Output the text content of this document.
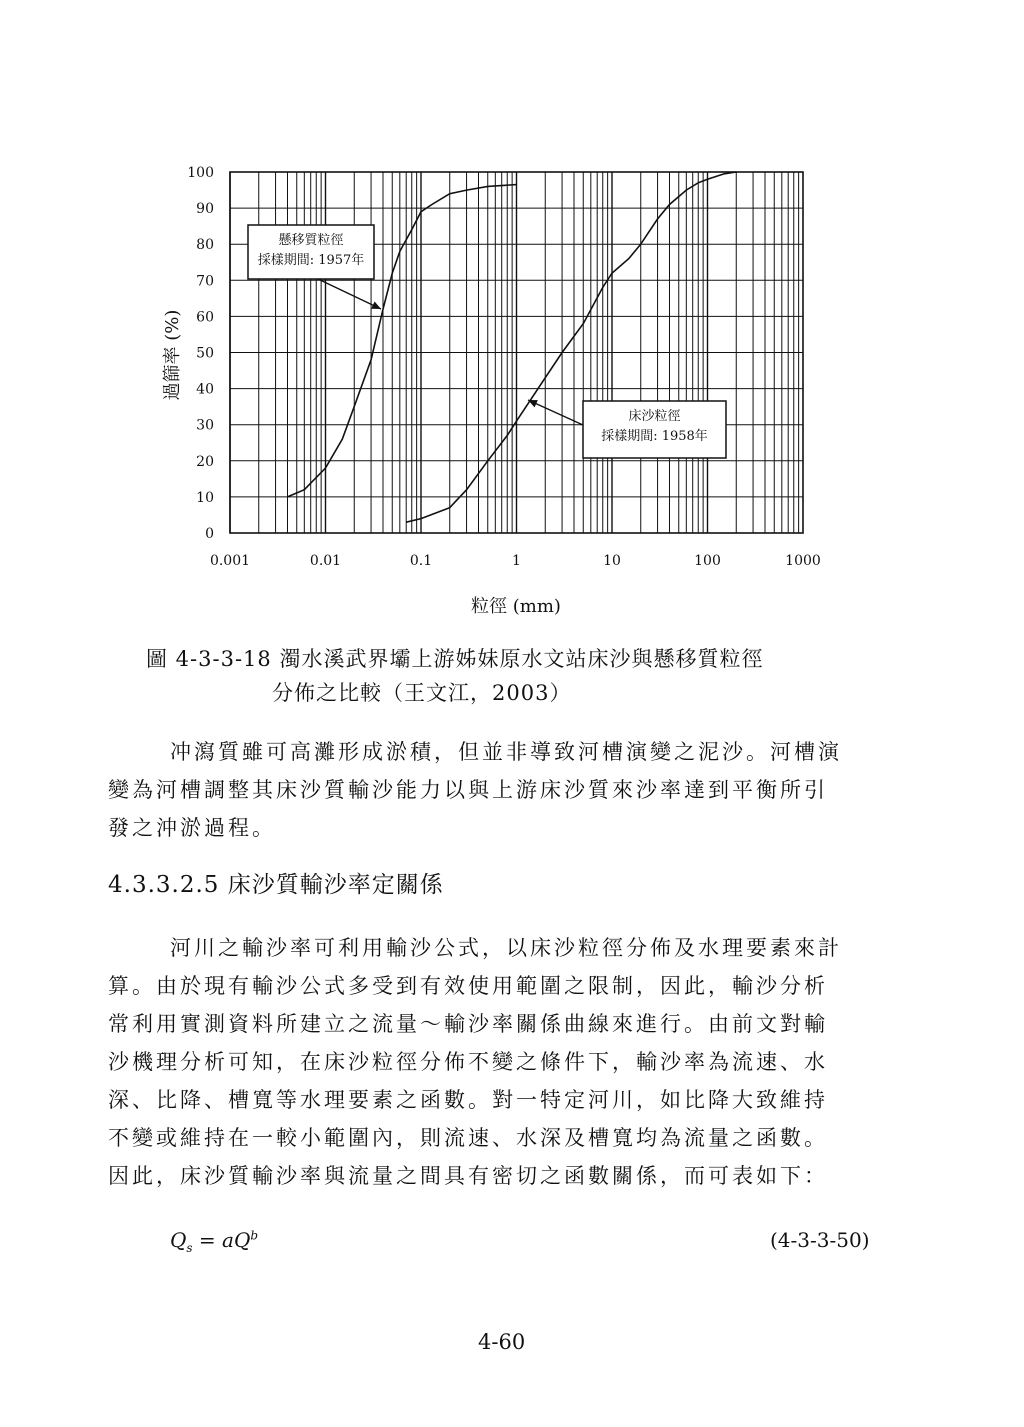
0
10
20
30
40
50
60
70
80
90
100
0.001	0.01	0.1	1	10	100	1000
懸移質粒徑
採樣期間: 1957年
床沙粒徑
採樣期間: 1958年
過篩率 (%)
粒徑 (mm)
圖 4-3-3-18 濁水溪武界壩上游姊妹原水文站床沙與懸移質粒徑
分佈之比較（王文江，2003）
冲瀉質雖可高灘形成淤積，但並非導致河槽演變之泥沙。河槽演
變為河槽調整其床沙質輸沙能力以與上游床沙質來沙率達到平衡所引
發之沖淤過程。
4.3.3.2.5 床沙質輸沙率定關係
河川之輸沙率可利用輸沙公式，以床沙粒徑分佈及水理要素來計
算。由於現有輸沙公式多受到有效使用範圍之限制，因此，輸沙分析
常利用實測資料所建立之流量～輸沙率關係曲線來進行。由前文對輸
沙機理分析可知，在床沙粒徑分佈不變之條件下，輸沙率為流速、水
深、比降、槽寬等水理要素之函數。對一特定河川，如比降大致維持
不變或維持在一較小範圍內，則流速、水深及槽寬均為流量之函數。
因此，床沙質輸沙率與流量之間具有密切之函數關係，而可表如下：
$Q_s = aQ^b$	(4-3-3-50)
4-60
